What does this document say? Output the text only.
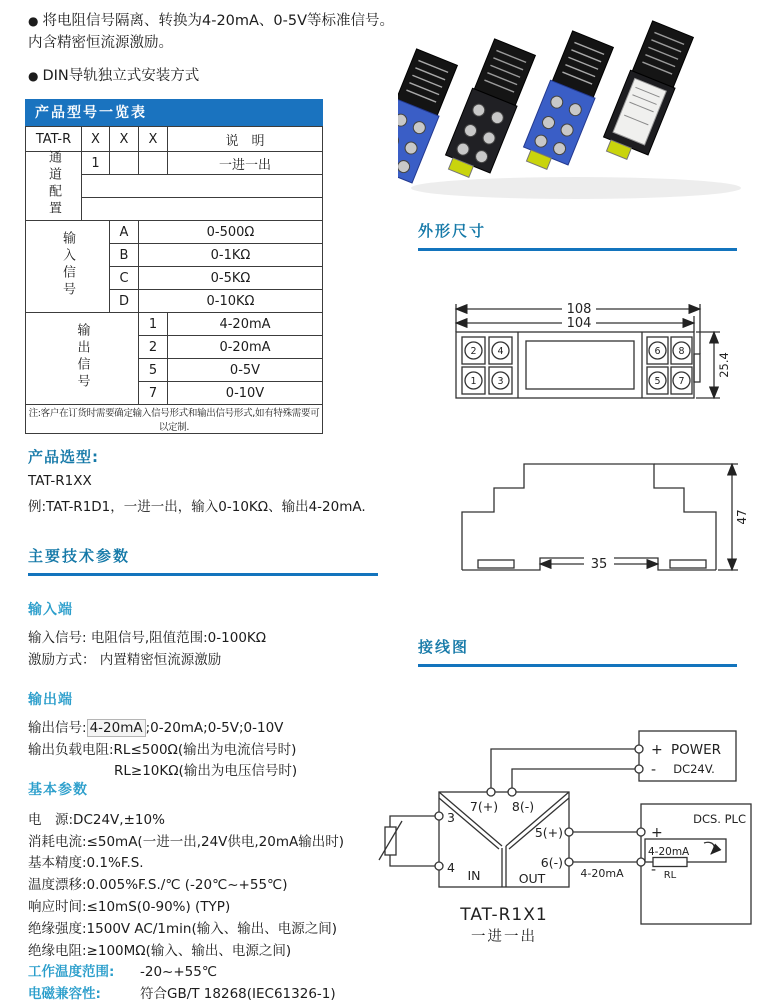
● 将电阻信号隔离、转换为4-20mA、0-5V等标准信号。内含精密恒流源激励。

● DIN导轨独立式安装方式

产品型号一览表
TAT-R	X	X	X	说　明
通道配置	1			一进一出

输入信号		A	0-500Ω	
		B	0-1KΩ	
		C	0-5KΩ	
		D	0-10KΩ	
输出信号			1	4-20mA
			2	0-20mA
			5	0-5V
			7	0-10V
注:客户在订货时需要确定输入信号形式和输出信号形式,如有特殊需要可以定制.				
产品选型:
TAT-R1XX
例:TAT-R1D1，一进一出，输入0-10KΩ、输出4-20mA.
主要技术参数
输入端
输入信号: 电阻信号,阻值范围:0-100KΩ
激励方式： 内置精密恒流源激励
输出端
输出信号: 4-20mA ;0-20mA;0-5V;0-10V
输出负载电阻:RL≤500Ω(输出为电流信号时)
RL≥10KΩ(输出为电压信号时)
基本参数
电　源:DC24V,±10%
消耗电流:≤50mA(一进一出,24V供电,20mA输出时)
基本精度:0.1%F.S.
温度漂移:0.005%F.S./℃ (-20℃~+55℃)
响应时间:≤10mS(0-90%) (TYP)
绝缘强度:1500V AC/1min(输入、输出、电源之间)
绝缘电阻:≥100MΩ(输入、输出、电源之间)
工作温度范围: -20~+55℃
电磁兼容性:	符合GB/T 18268(IEC61326-1)
外形尺寸
108
104
2 4
1 3
6 8
5 7
25.4
35
47
接线图
7(+) 8(-)
3
4
5(+)
6(-)
IN	OUT
+
-
POWER
DC24V.
DCS. PLC
+
-
4-20mA
RL
4-20mA
TAT-R1X1
一进一出
